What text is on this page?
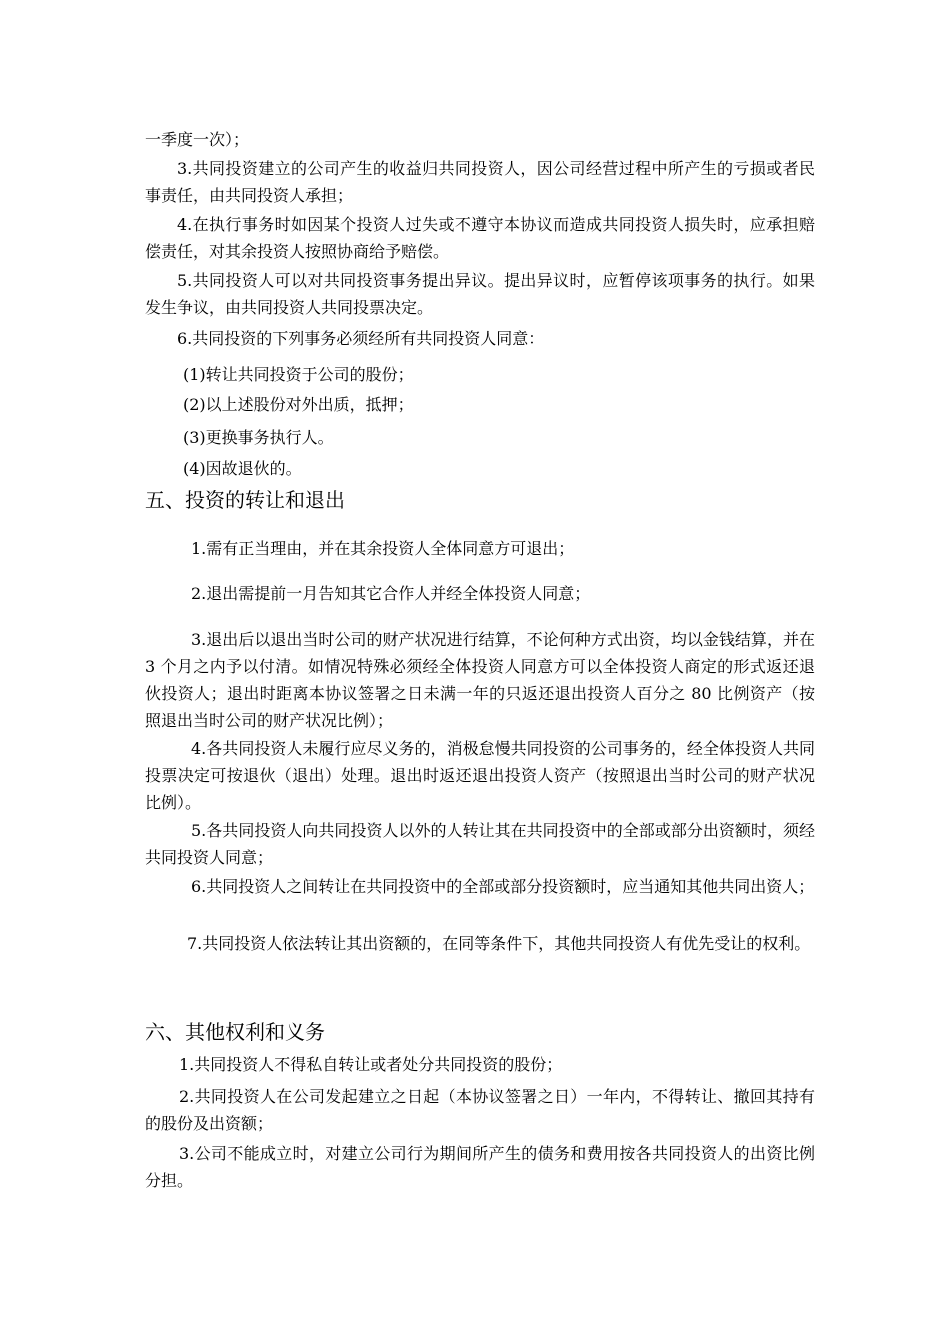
一季度一次）；

3.共同投资建立的公司产生的收益归共同投资人，因公司经营过程中所产生的亏损或者民事责任，由共同投资人承担；

4.在执行事务时如因某个投资人过失或不遵守本协议而造成共同投资人损失时，应承担赔偿责任，对其余投资人按照协商给予赔偿。

5.共同投资人可以对共同投资事务提出异议。提出异议时，应暂停该项事务的执行。如果发生争议，由共同投资人共同投票决定。

6.共同投资的下列事务必须经所有共同投资人同意：

(1)转让共同投资于公司的股份；

(2)以上述股份对外出质，抵押；

(3)更换事务执行人。

(4)因故退伙的。

五、投资的转让和退出

1.需有正当理由，并在其余投资人全体同意方可退出；

2.退出需提前一月告知其它合作人并经全体投资人同意；

3.退出后以退出当时公司的财产状况进行结算，不论何种方式出资，均以金钱结算，并在 3 个月之内予以付清。如情况特殊必须经全体投资人同意方可以全体投资人商定的形式返还退伙投资人；退出时距离本协议签署之日未满一年的只返还退出投资人百分之 80 比例资产（按照退出当时公司的财产状况比例）；

4.各共同投资人未履行应尽义务的，消极怠慢共同投资的公司事务的，经全体投资人共同投票决定可按退伙（退出）处理。退出时返还退出投资人资产（按照退出当时公司的财产状况比例）。

5.各共同投资人向共同投资人以外的人转让其在共同投资中的全部或部分出资额时，须经共同投资人同意；

6.共同投资人之间转让在共同投资中的全部或部分投资额时，应当通知其他共同出资人；

7.共同投资人依法转让其出资额的，在同等条件下，其他共同投资人有优先受让的权利。

六、其他权利和义务

1.共同投资人不得私自转让或者处分共同投资的股份；

2.共同投资人在公司发起建立之日起（本协议签署之日）一年内，不得转让、撤回其持有的股份及出资额；

3.公司不能成立时，对建立公司行为期间所产生的债务和费用按各共同投资人的出资比例分担。
